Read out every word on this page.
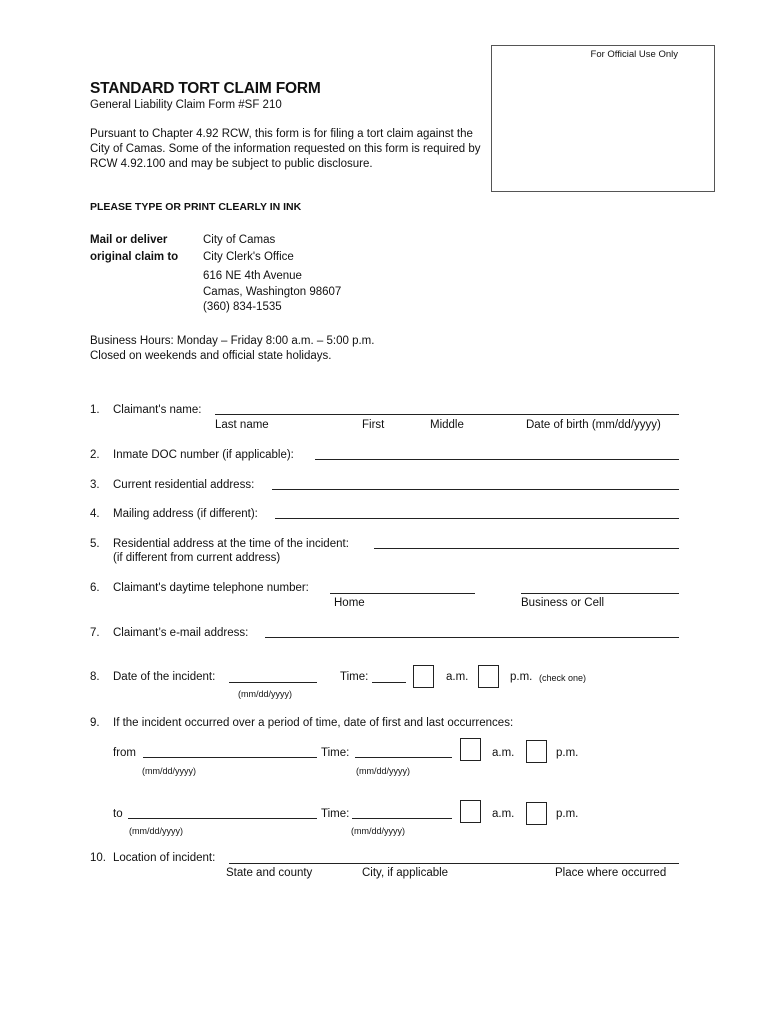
For Official Use Only
STANDARD TORT CLAIM FORM
General Liability Claim Form #SF 210
Pursuant to Chapter 4.92 RCW, this form is for filing a tort claim against the City of Camas. Some of the information requested on this form is required by RCW 4.92.100 and may be subject to public disclosure.
PLEASE TYPE OR PRINT CLEARLY IN INK
Mail or deliver
original claim to
City of Camas
City Clerk's Office
616 NE 4th Avenue
Camas, Washington 98607
(360) 834-1535
Business Hours: Monday – Friday 8:00 a.m. – 5:00 p.m.
Closed on weekends and official state holidays.
1. Claimant's name:
Last name	First	Middle	Date of birth (mm/dd/yyyy)
2. Inmate DOC number (if applicable):
3. Current residential address:
4. Mailing address (if different):
5. Residential address at the time of the incident:
(if different from current address)
6. Claimant's daytime telephone number:
Home	Business or Cell
7. Claimant’s e-mail address:
8. Date of the incident:
(mm/dd/yyyy)
Time:	a.m.	p.m. (check one)
9. If the incident occurred over a period of time, date of first and last occurrences:
from
(mm/dd/yyyy)
Time:
(mm/dd/yyyy)
a.m.	p.m.
to
(mm/dd/yyyy)
Time:
(mm/dd/yyyy)
a.m.	p.m.
10. Location of incident:
State and county	City, if applicable	Place where occurred
